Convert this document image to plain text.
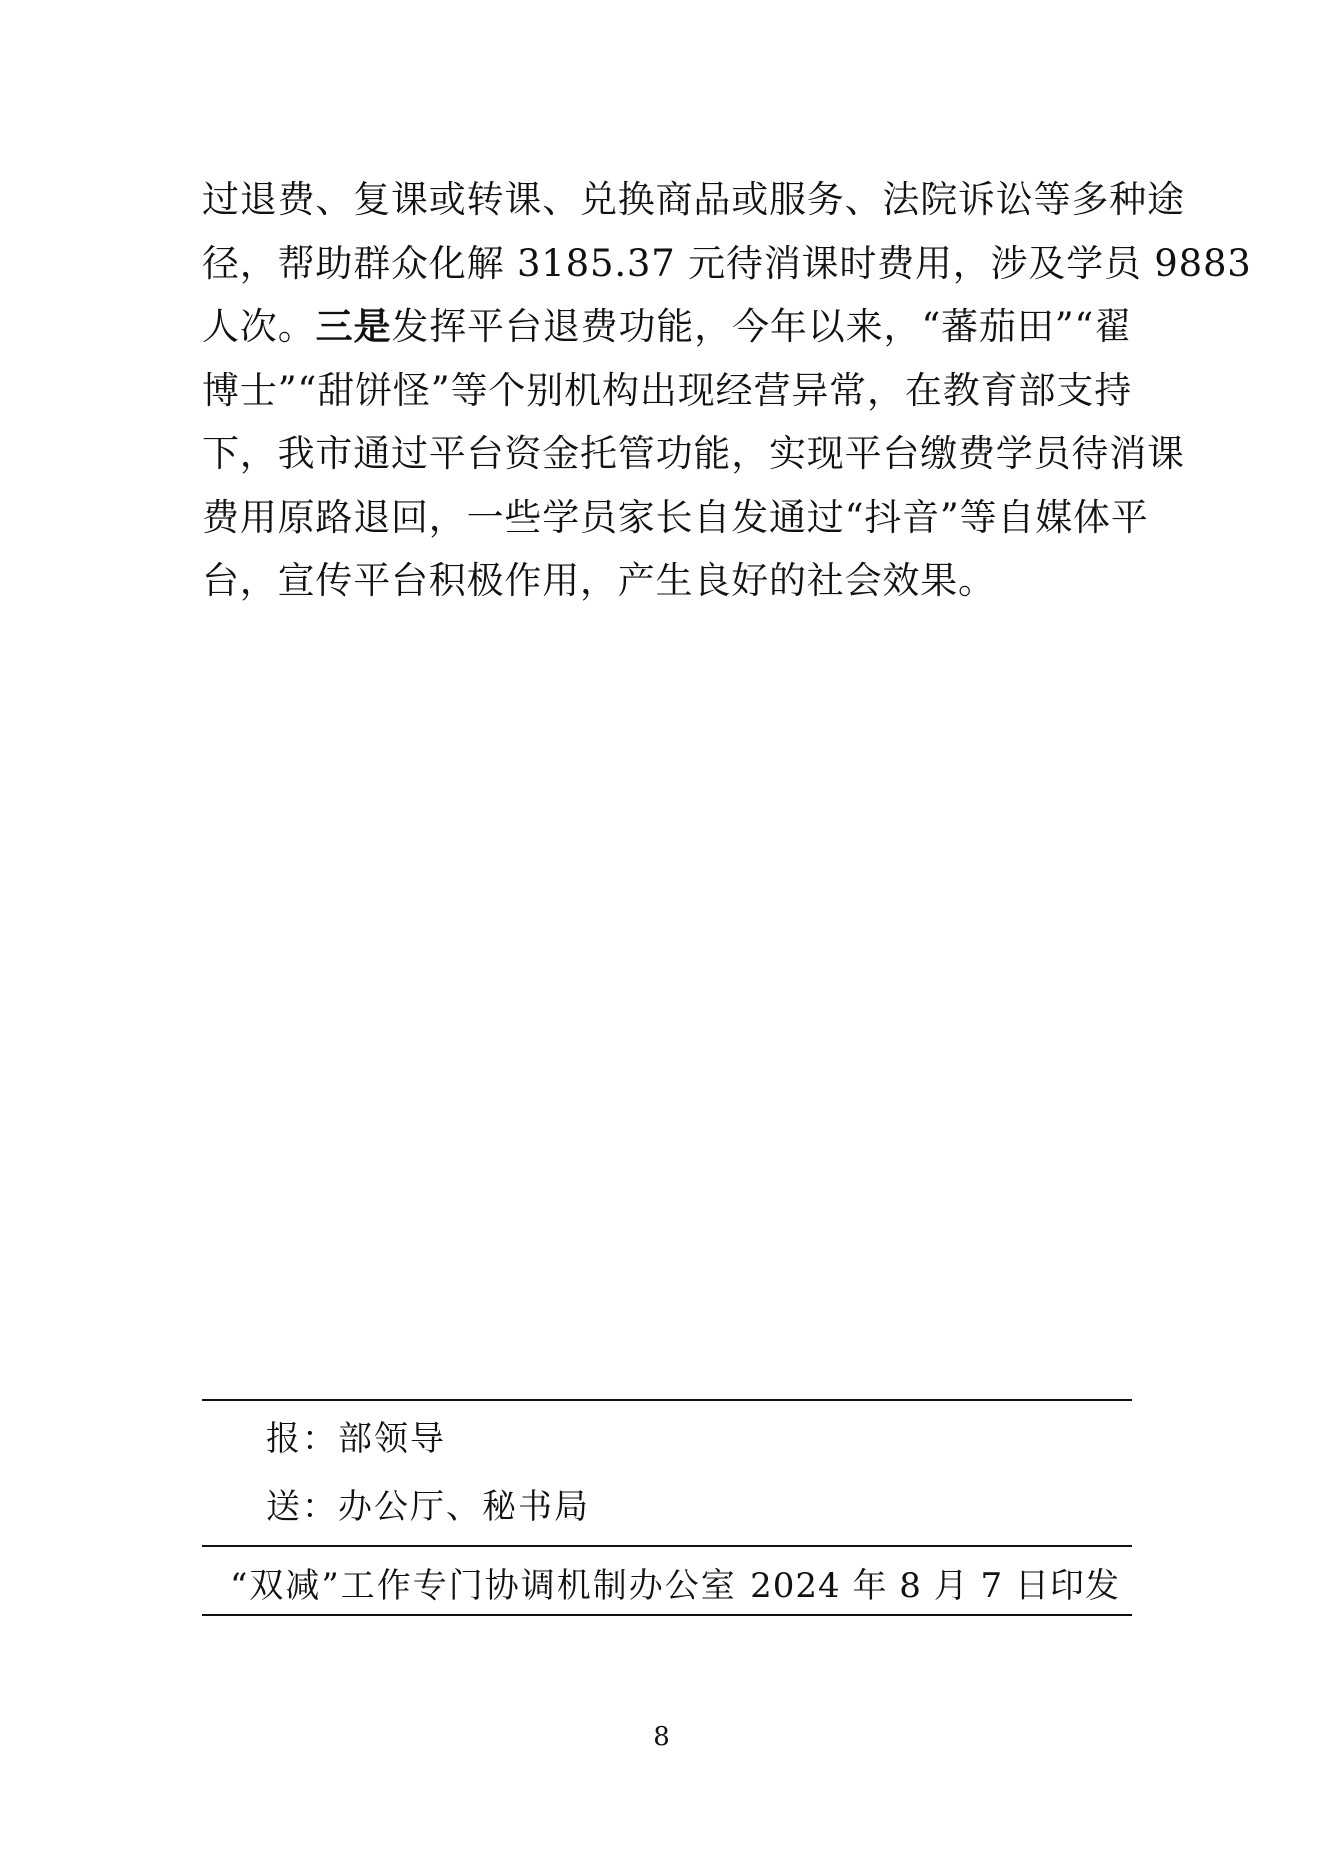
过退费、复课或转课、兑换商品或服务、法院诉讼等多种途
径，帮助群众化解 3185.37 元待消课时费用，涉及学员 9883
人次。三是发挥平台退费功能，今年以来，“蕃茄田”“翟
博士”“甜饼怪”等个别机构出现经营异常，在教育部支持
下，我市通过平台资金托管功能，实现平台缴费学员待消课
费用原路退回，一些学员家长自发通过“抖音”等自媒体平
台，宣传平台积极作用，产生良好的社会效果。
报：部领导
送：办公厅、秘书局
“双减”工作专门协调机制办公室 2024 年 8 月 7 日印发
8
